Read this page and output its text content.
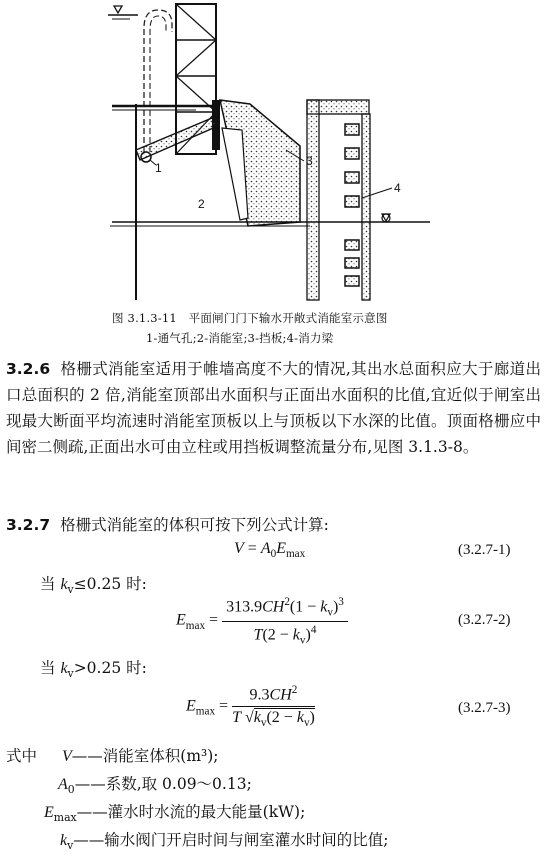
1
2
4
图 3.1.3-11　平面闸门门下输水开敞式消能室示意图
1-通气孔;2-消能室;3-挡板;4-消力梁
3.2.6 格栅式消能室适用于帷墙高度不大的情况,其出水总面积应大于廊道出口总面积的 2 倍,消能室顶部出水面积与正面出水面积的比值,宜近似于闸室出现最大断面平均流速时消能室顶板以上与顶板以下水深的比值。顶面格栅应中间密二侧疏,正面出水可由立柱或用挡板调整流量分布,见图 3.1.3-8。
3.2.7 格栅式消能室的体积可按下列公式计算:
$V = A_0E_{max}$	(3.2.7-1)
当 $k_v\le 0.25$ 时:
$E_{max} = \frac{313.9CH^2(1 - k_v)^3}{T(2 - k_v)^4}$	(3.2.7-2)
当 $k_v>0.25$ 时:
$E_{max} = \frac{9.3CH^2}{T √k_v(2 - k_v)}$	(3.2.7-3)
式中 V——消能室体积(m³);
$A_0——$系数,取 0.09～0.13;
$E_{max}——$灌水时水流的最大能量(kW);
$k_v——$输水阀门开启时间与闸室灌水时间的比值;
